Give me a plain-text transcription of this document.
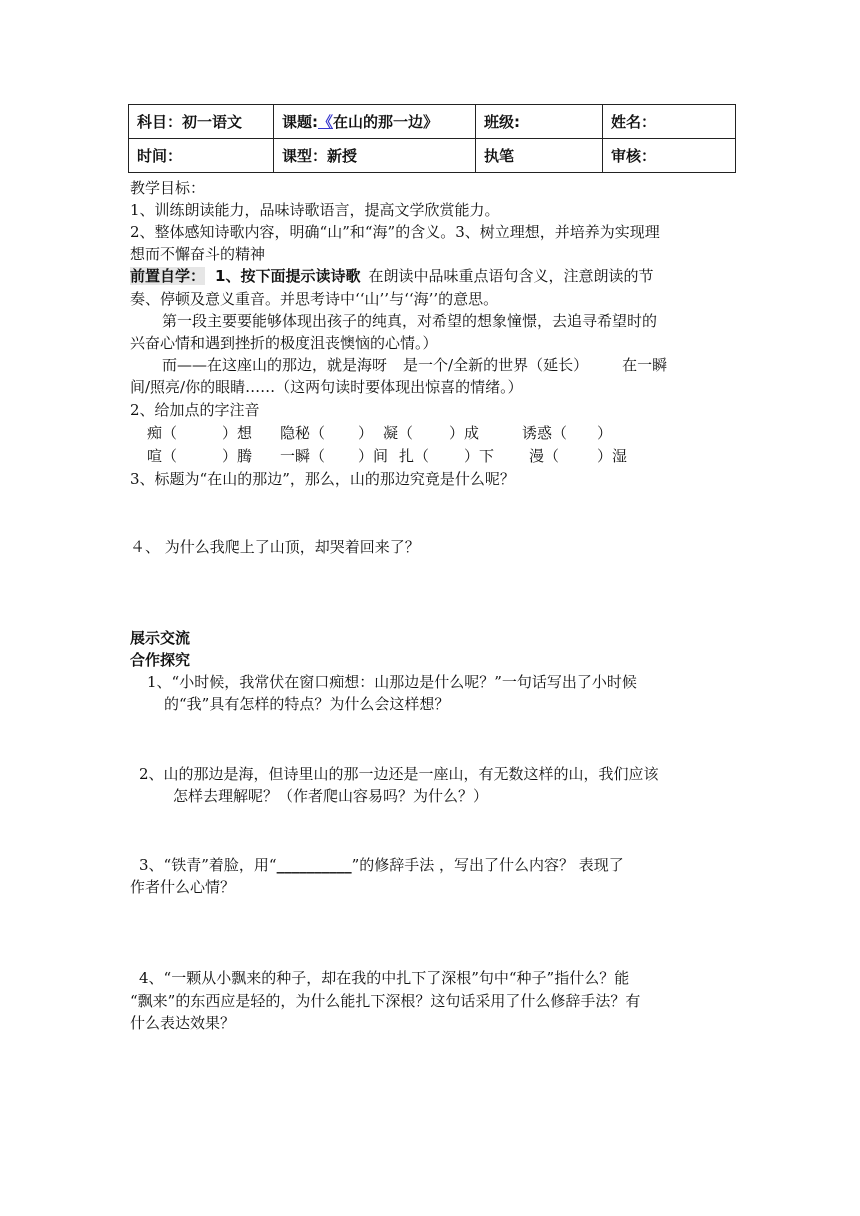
科目：初一语文	课题:《在山的那一边》	班级:	姓名：
时间：	课型：新授	执笔	审核：
教学目标：
1、训练朗读能力，品味诗歌语言，提高文学欣赏能力。
2、整体感知诗歌内容，明确“山”和“海”的含义。3、树立理想，并培养为实现理
想而不懈奋斗的精神
前置自学： 1、按下面提示读诗歌 在朗读中品味重点语句含义，注意朗读的节
奏、停顿及意义重音。并思考诗中‘‘山’’与‘‘海’’的意思。
第一段主要要能够体现出孩子的纯真，对希望的想象憧憬，去追寻希望时的
兴奋心情和遇到挫折的极度沮丧懊恼的心情。）
而——在这座山的那边，就是海呀 是一个/全新的世界（延长） 在一瞬
间/照亮/你的眼睛……（这两句读时要体现出惊喜的情绪。）
2、给加点的字注音
痴（	）想 隐秘（ ） 凝（ ）成	诱惑（ ）
喧（	）腾 一瞬（ ）间 扎（ ）下 漫（	）湿
3、标题为“在山的那边”，那么，山的那边究竟是什么呢？
４、 为什么我爬上了山顶，却哭着回来了？
展示交流
合作探究
1、“小时候，我常伏在窗口痴想：山那边是什么呢？”一句话写出了小时候
的“我”具有怎样的特点？为什么会这样想？
2、山的那边是海，但诗里山的那一边还是一座山，有无数这样的山，我们应该
怎样去理解呢？（作者爬山容易吗？为什么？）
3、“铁青”着脸，用“__________”的修辞手法 ，写出了什么内容？ 表现了
作者什么心情？
4、“一颗从小飘来的种子，却在我的中扎下了深根”句中“种子”指什么？能
“飘来”的东西应是轻的，为什么能扎下深根？这句话采用了什么修辞手法？有
什么表达效果？
